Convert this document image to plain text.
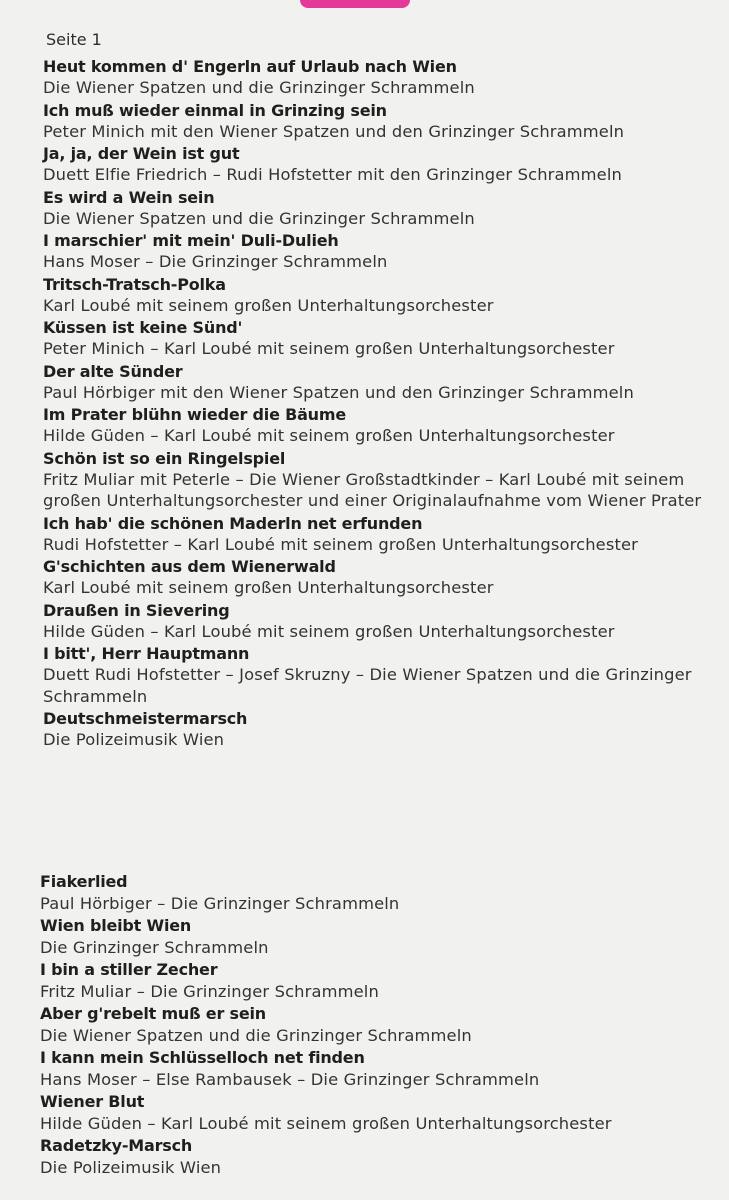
Seite 1
Heut kommen d' Engerln auf Urlaub nach Wien
Die Wiener Spatzen und die Grinzinger Schrammeln
Ich muß wieder einmal in Grinzing sein
Peter Minich mit den Wiener Spatzen und den Grinzinger Schrammeln
Ja, ja, der Wein ist gut
Duett Elfie Friedrich – Rudi Hofstetter mit den Grinzinger Schrammeln
Es wird a Wein sein
Die Wiener Spatzen und die Grinzinger Schrammeln
I marschier' mit mein' Duli-Dulieh
Hans Moser – Die Grinzinger Schrammeln
Tritsch-Tratsch-Polka
Karl Loubé mit seinem großen Unterhaltungsorchester
Küssen ist keine Sünd'
Peter Minich – Karl Loubé mit seinem großen Unterhaltungsorchester
Der alte Sünder
Paul Hörbiger mit den Wiener Spatzen und den Grinzinger Schrammeln
Im Prater blühn wieder die Bäume
Hilde Güden – Karl Loubé mit seinem großen Unterhaltungsorchester
Schön ist so ein Ringelspiel
Fritz Muliar mit Peterle – Die Wiener Großstadtkinder – Karl Loubé mit seinem großen Unterhaltungsorchester und einer Originalaufnahme vom Wiener Prater
Ich hab' die schönen Maderln net erfunden
Rudi Hofstetter – Karl Loubé mit seinem großen Unterhaltungsorchester
G'schichten aus dem Wienerwald
Karl Loubé mit seinem großen Unterhaltungsorchester
Draußen in Sievering
Hilde Güden – Karl Loubé mit seinem großen Unterhaltungsorchester
I bitt', Herr Hauptmann
Duett Rudi Hofstetter – Josef Skruzny – Die Wiener Spatzen und die Grinzinger Schrammeln
Deutschmeistermarsch
Die Polizeimusik Wien
Fiakerlied
Paul Hörbiger – Die Grinzinger Schrammeln
Wien bleibt Wien
Die Grinzinger Schrammeln
I bin a stiller Zecher
Fritz Muliar – Die Grinzinger Schrammeln
Aber g'rebelt muß er sein
Die Wiener Spatzen und die Grinzinger Schrammeln
I kann mein Schlüsselloch net finden
Hans Moser – Else Rambausek – Die Grinzinger Schrammeln
Wiener Blut
Hilde Güden – Karl Loubé mit seinem großen Unterhaltungsorchester
Radetzky-Marsch
Die Polizeimusik Wien
